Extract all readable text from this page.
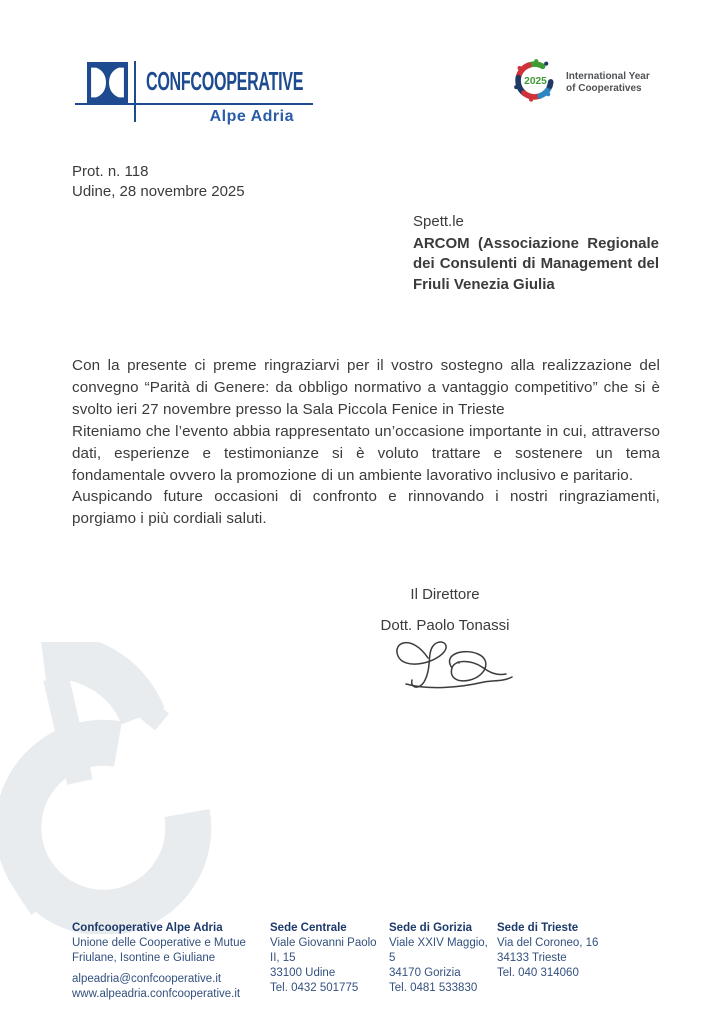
CONFCOOPERATIVE
Alpe Adria
2025 International Year
of Cooperatives
Prot. n. 118
Udine, 28 novembre 2025
Spett.le
ARCOM (Associazione Regionale dei Consulenti di Management del Friuli Venezia Giulia

Con la presente ci preme ringraziarvi per il vostro sostegno alla realizzazione del convegno “Parità di Genere: da obbligo normativo a vantaggio competitivo” che si è svolto ieri 27 novembre presso la Sala Piccola Fenice in Trieste

Riteniamo che l’evento abbia rappresentato un’occasione importante in cui, attraverso dati, esperienze e testimonianze si è voluto trattare e sostenere un tema fondamentale ovvero la promozione di un ambiente lavorativo inclusivo e paritario.

Auspicando future occasioni di confronto e rinnovando i nostri ringraziamenti, porgiamo i più cordiali saluti.

Il Direttore
Dott. Paolo Tonassi
Confcooperative Alpe Adria
Unione delle Cooperative e Mutue
Friulane, Isontine e Giuliane
alpeadria@confcooperative.it
www.alpeadria.confcooperative.it
Sede Centrale
Viale Giovanni Paolo II, 15
33100 Udine
Tel. 0432 501775
Sede di Gorizia
Viale XXIV Maggio, 5
34170 Gorizia
Tel. 0481 533830
Sede di Trieste
Via del Coroneo, 16
34133 Trieste
Tel. 040 314060
